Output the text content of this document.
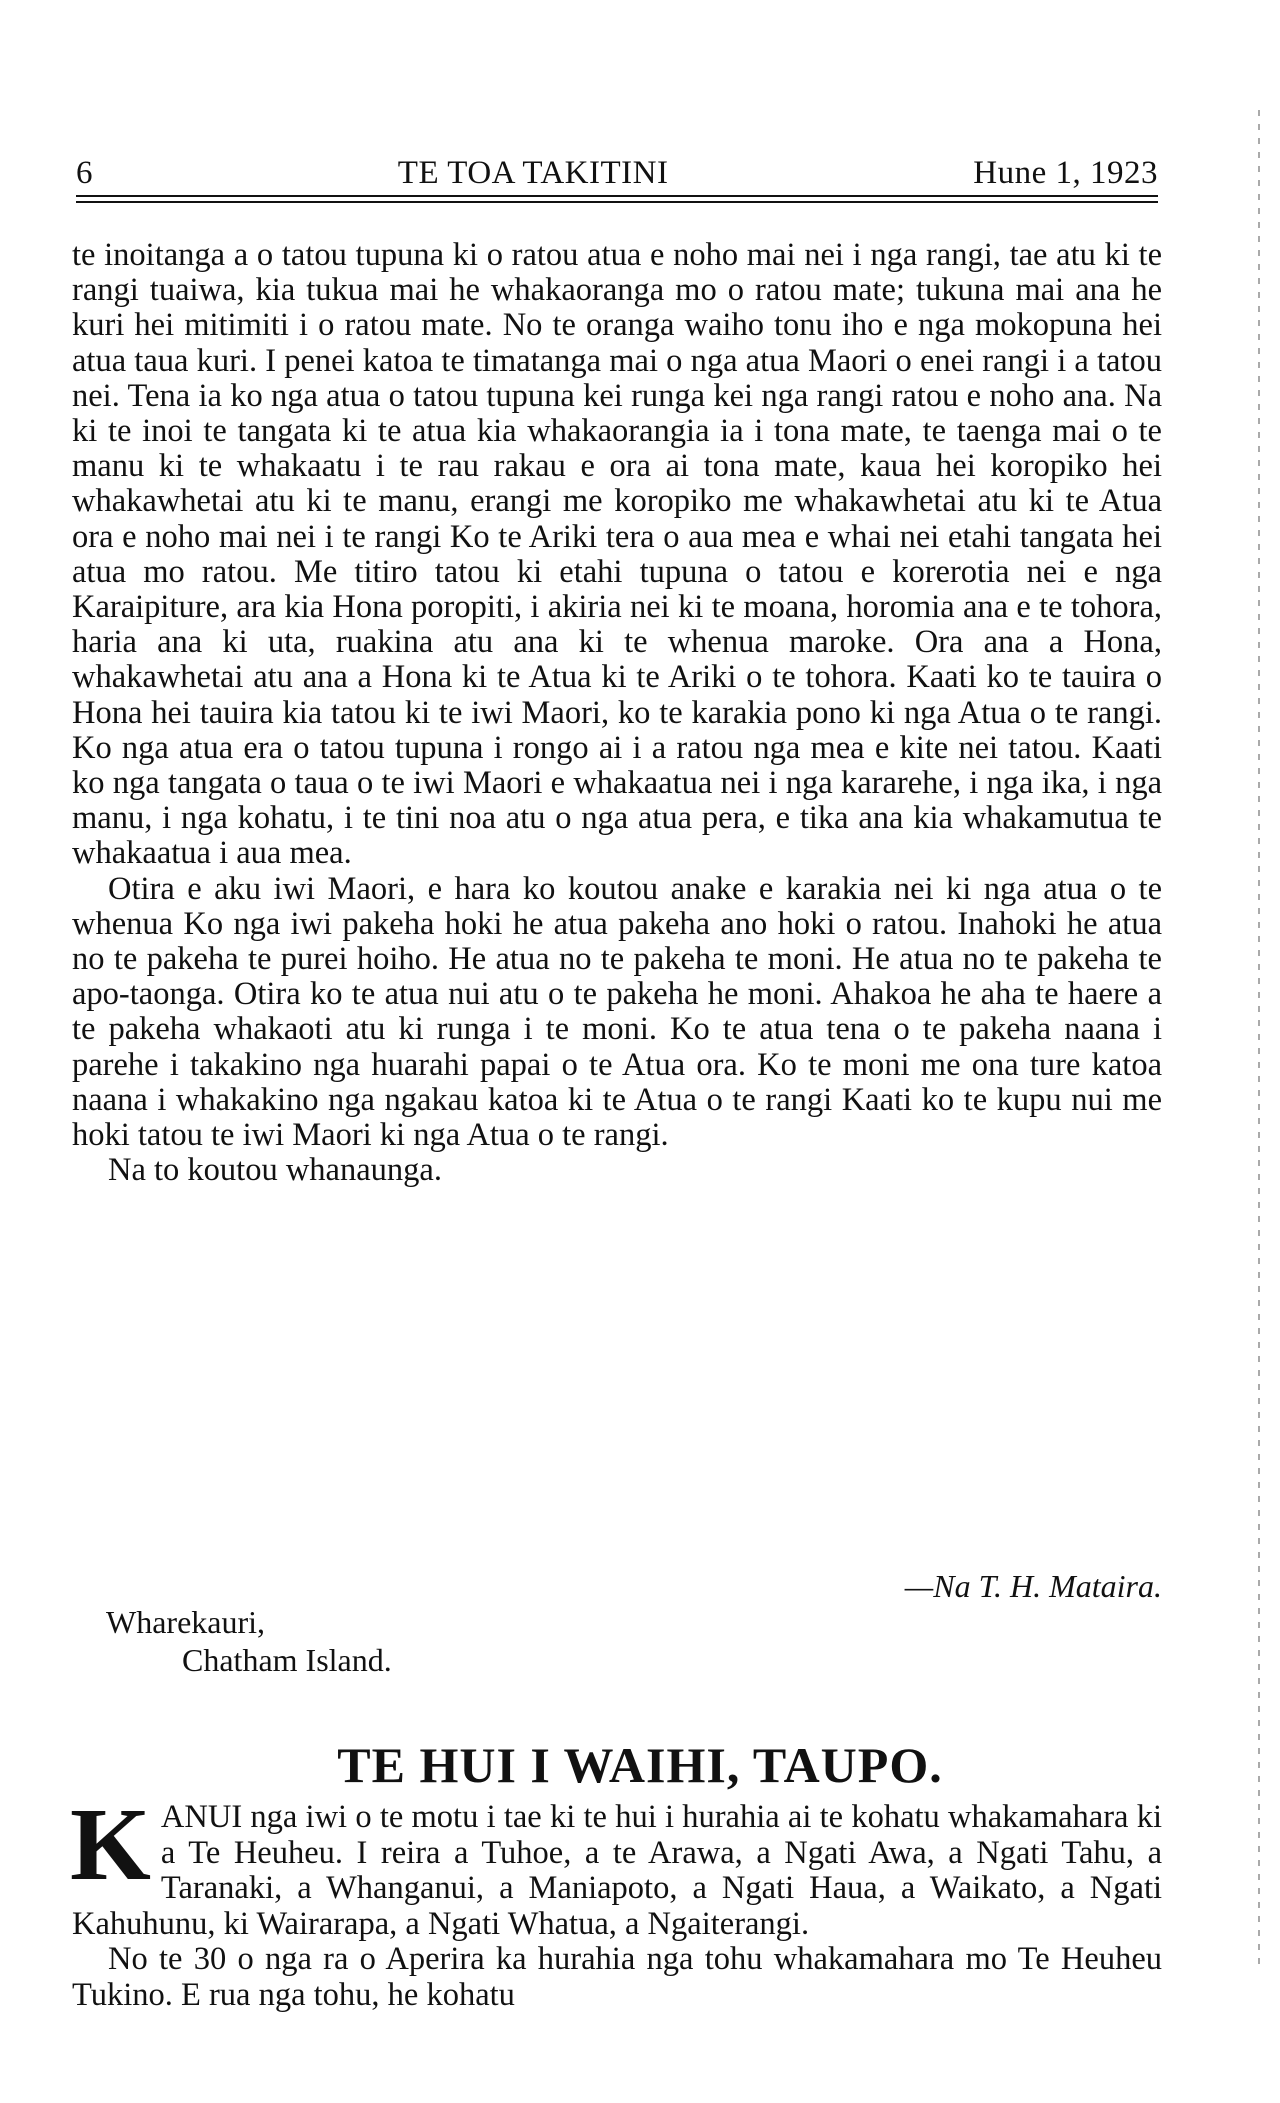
6	TE TOA TAKITINI	Hune 1, 1923

te inoitanga a o tatou tupuna ki o ratou atua e noho mai nei i nga rangi, tae atu ki te rangi tuaiwa, kia tukua mai he whakaoranga mo o ratou mate; tukuna mai ana he kuri hei mitimiti i o ratou mate. No te oranga waiho tonu iho e nga mokopuna hei atua taua kuri. I penei katoa te timatanga mai o nga atua Maori o enei rangi i a tatou nei. Tena ia ko nga atua o tatou tupuna kei runga kei nga rangi ratou e noho ana. Na ki te inoi te tangata ki te atua kia whakaorangia ia i tona mate, te taenga mai o te manu ki te whakaatu i te rau rakau e ora ai tona mate, kaua hei koropiko hei whakawhetai atu ki te manu, erangi me koropiko me whakawhetai atu ki te Atua ora e noho mai nei i te rangi Ko te Ariki tera o aua mea e whai nei etahi tangata hei atua mo ratou. Me titiro tatou ki etahi tupuna o tatou e korerotia nei e nga Karaipiture, ara kia Hona poropiti, i akiria nei ki te moana, horomia ana e te tohora, haria ana ki uta, ruakina atu ana ki te whenua maroke. Ora ana a Hona, whakawhetai atu ana a Hona ki te Atua ki te Ariki o te tohora. Kaati ko te tauira o Hona hei tauira kia tatou ki te iwi Maori, ko te karakia pono ki nga Atua o te rangi. Ko nga atua era o tatou tupuna i rongo ai i a ratou nga mea e kite nei tatou. Kaati ko nga tangata o taua o te iwi Maori e whakaatua nei i nga kararehe, i nga ika, i nga manu, i nga kohatu, i te tini noa atu o nga atua pera, e tika ana kia whakamutua te whakaatua i aua mea.

Otira e aku iwi Maori, e hara ko koutou anake e karakia nei ki nga atua o te whenua Ko nga iwi pakeha hoki he atua pakeha ano hoki o ratou. Inahoki he atua no te pakeha te purei hoiho. He atua no te pakeha te moni. He atua no te pakeha te apo-taonga. Otira ko te atua nui atu o te pakeha he moni. Ahakoa he aha te haere a te pakeha whakaoti atu ki runga i te moni. Ko te atua tena o te pakeha naana i parehe i takakino nga huarahi papai o te Atua ora. Ko te moni me ona ture katoa naana i whakakino nga ngakau katoa ki te Atua o te rangi Kaati ko te kupu nui me hoki tatou te iwi Maori ki nga Atua o te rangi.

Na to koutou whanaunga.

—Na T. H. Mataira.
Wharekauri,
Chatham Island.
TE HUI I WAIHI, TAUPO.

KANUI nga iwi o te motu i tae ki te hui i hurahia ai te kohatu whakamahara ki a Te Heuheu. I reira a Tuhoe, a te Arawa, a Ngati Awa, a Ngati Tahu, a Taranaki, a Whanganui, a Maniapoto, a Ngati Haua, a Waikato, a Ngati Kahuhunu, ki Wairarapa, a Ngati Whatua, a Ngaiterangi.

No te 30 o nga ra o Aperira ka hurahia nga tohu whakamahara mo Te Heuheu Tukino. E rua nga tohu, he kohatu
